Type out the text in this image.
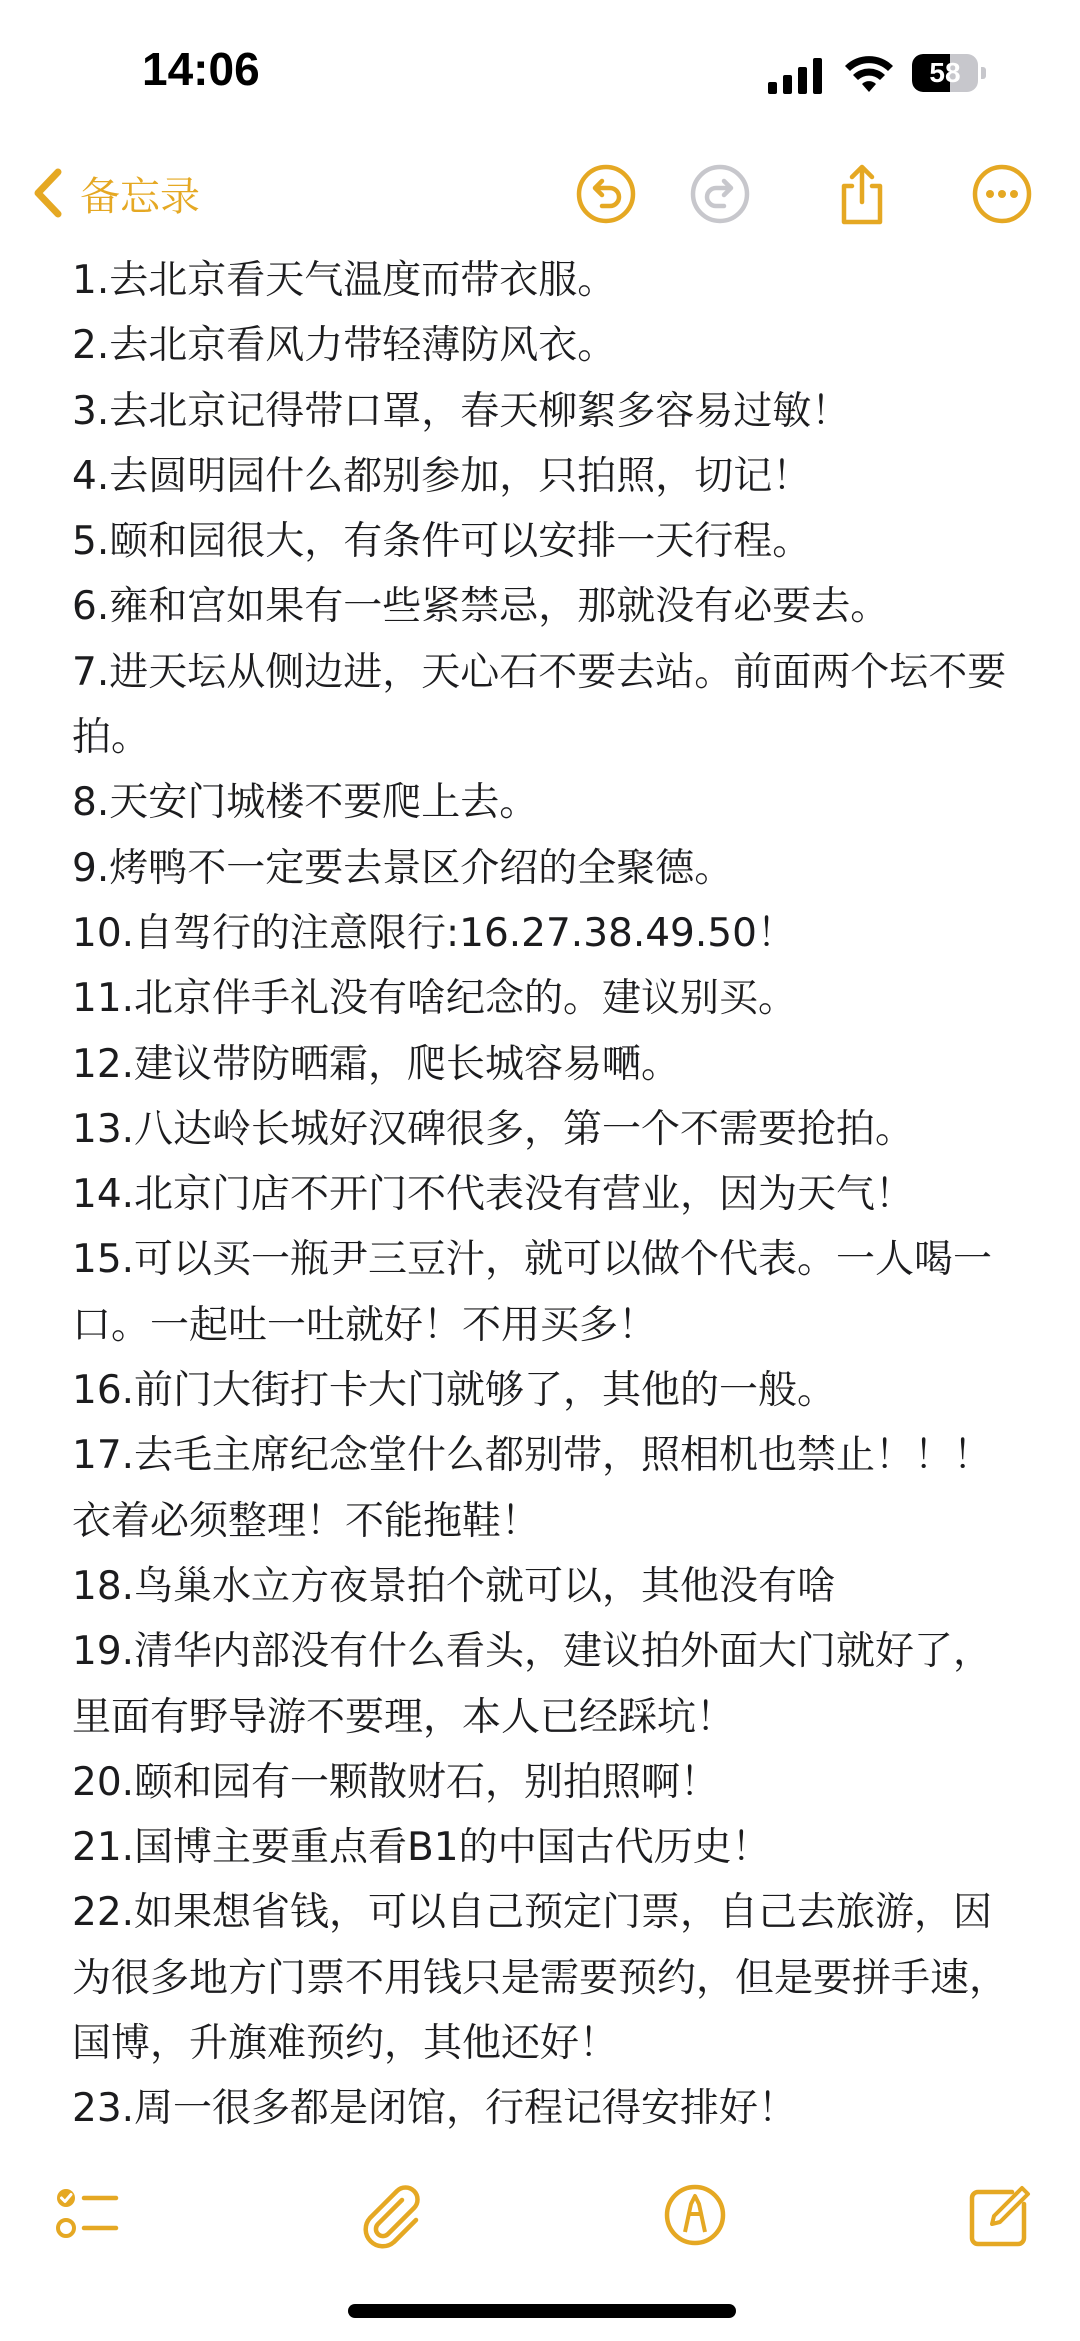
14:06	58
备忘录
1.去北京看天气温度而带衣服。
2.去北京看风力带轻薄防风衣。
3.去北京记得带口罩，春天柳絮多容易过敏！
4.去圆明园什么都别参加，只拍照，切记！
5.颐和园很大，有条件可以安排一天行程。
6.雍和宫如果有一些紧禁忌，那就没有必要去。
7.进天坛从侧边进，天心石不要去站。前面两个坛不要拍。
8.天安门城楼不要爬上去。
9.烤鸭不一定要去景区介绍的全聚德。
10.自驾行的注意限行:16.27.38.49.50！
11.北京伴手礼没有啥纪念的。建议别买。
12.建议带防晒霜，爬长城容易嗮。
13.八达岭长城好汉碑很多，第一个不需要抢拍。
14.北京门店不开门不代表没有营业，因为天气！
15.可以买一瓶尹三豆汁，就可以做个代表。一人喝一口。一起吐一吐就好！不用买多！
16.前门大街打卡大门就够了，其他的一般。
17.去毛主席纪念堂什么都别带，照相机也禁止！！！衣着必须整理！不能拖鞋！
18.鸟巢水立方夜景拍个就可以，其他没有啥
19.清华内部没有什么看头，建议拍外面大门就好了，里面有野导游不要理，本人已经踩坑！
20.颐和园有一颗散财石，别拍照啊！
21.国博主要重点看B1的中国古代历史！
22.如果想省钱，可以自己预定门票，自己去旅游，因为很多地方门票不用钱只是需要预约，但是要拼手速，国博，升旗难预约，其他还好！
23.周一很多都是闭馆，行程记得安排好！
